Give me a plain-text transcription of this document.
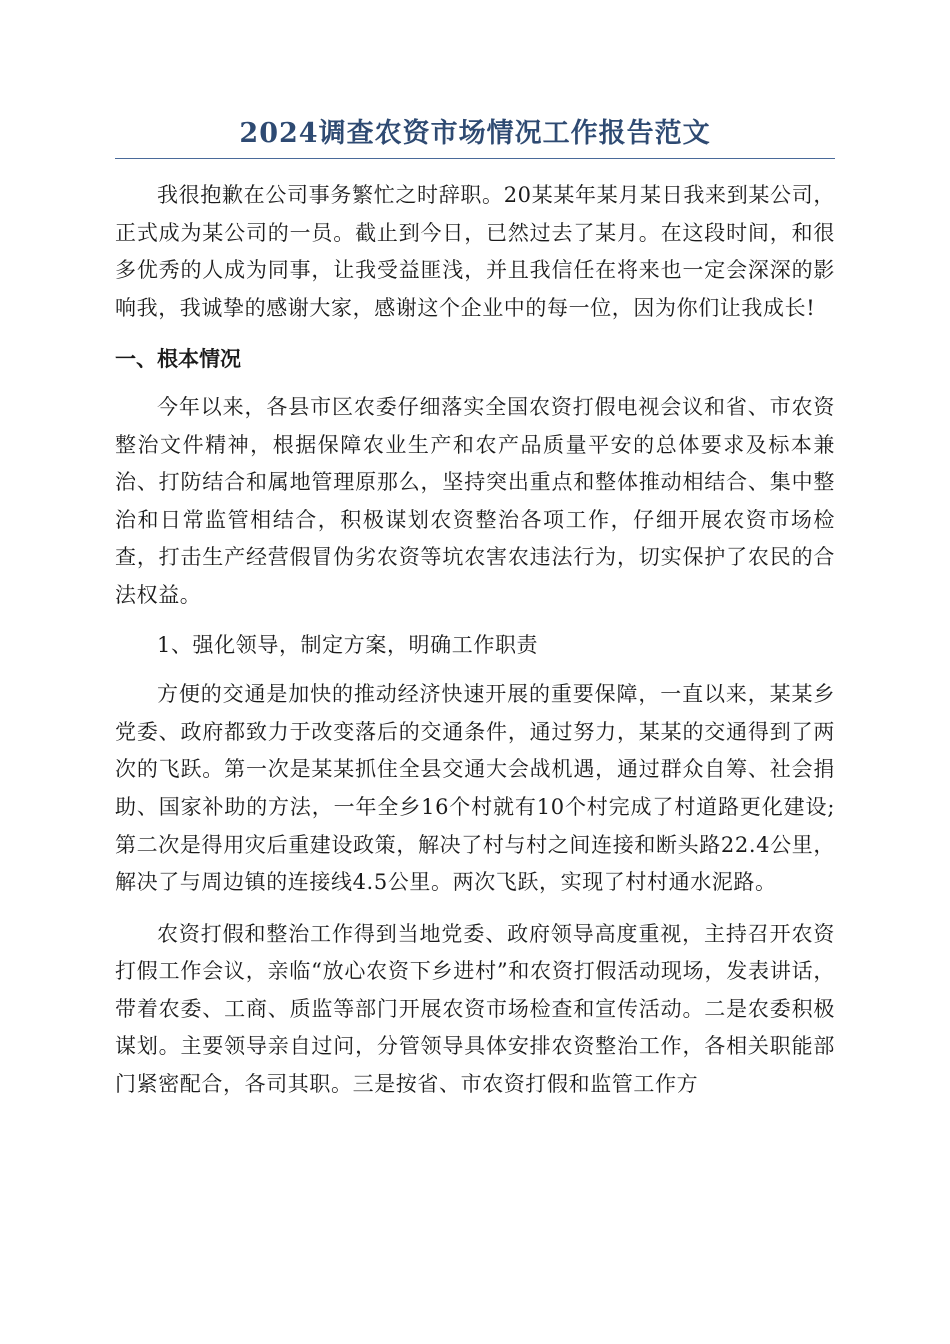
2024调查农资市场情况工作报告范文

我很抱歉在公司事务繁忙之时辞职。20某某年某月某日我来到某公司，正式成为某公司的一员。截止到今日，已然过去了某月。在这段时间，和很多优秀的人成为同事，让我受益匪浅，并且我信任在将来也一定会深深的影响我，我诚挚的感谢大家，感谢这个企业中的每一位，因为你们让我成长!

一、根本情况

今年以来，各县市区农委仔细落实全国农资打假电视会议和省、市农资整治文件精神，根据保障农业生产和农产品质量平安的总体要求及标本兼治、打防结合和属地管理原那么，坚持突出重点和整体推动相结合、集中整治和日常监管相结合，积极谋划农资整治各项工作，仔细开展农资市场检查，打击生产经营假冒伪劣农资等坑农害农违法行为，切实保护了农民的合法权益。

1、强化领导，制定方案，明确工作职责

方便的交通是加快的推动经济快速开展的重要保障，一直以来，某某乡党委、政府都致力于改变落后的交通条件，通过努力，某某的交通得到了两次的飞跃。第一次是某某抓住全县交通大会战机遇，通过群众自筹、社会捐助、国家补助的方法，一年全乡16个村就有10个村完成了村道路更化建设;第二次是得用灾后重建设政策，解决了村与村之间连接和断头路22.4公里，解决了与周边镇的连接线4.5公里。两次飞跃，实现了村村通水泥路。

农资打假和整治工作得到当地党委、政府领导高度重视，主持召开农资打假工作会议，亲临“放心农资下乡进村”和农资打假活动现场，发表讲话，带着农委、工商、质监等部门开展农资市场检查和宣传活动。二是农委积极谋划。主要领导亲自过问，分管领导具体安排农资整治工作，各相关职能部门紧密配合，各司其职。三是按省、市农资打假和监管工作方
